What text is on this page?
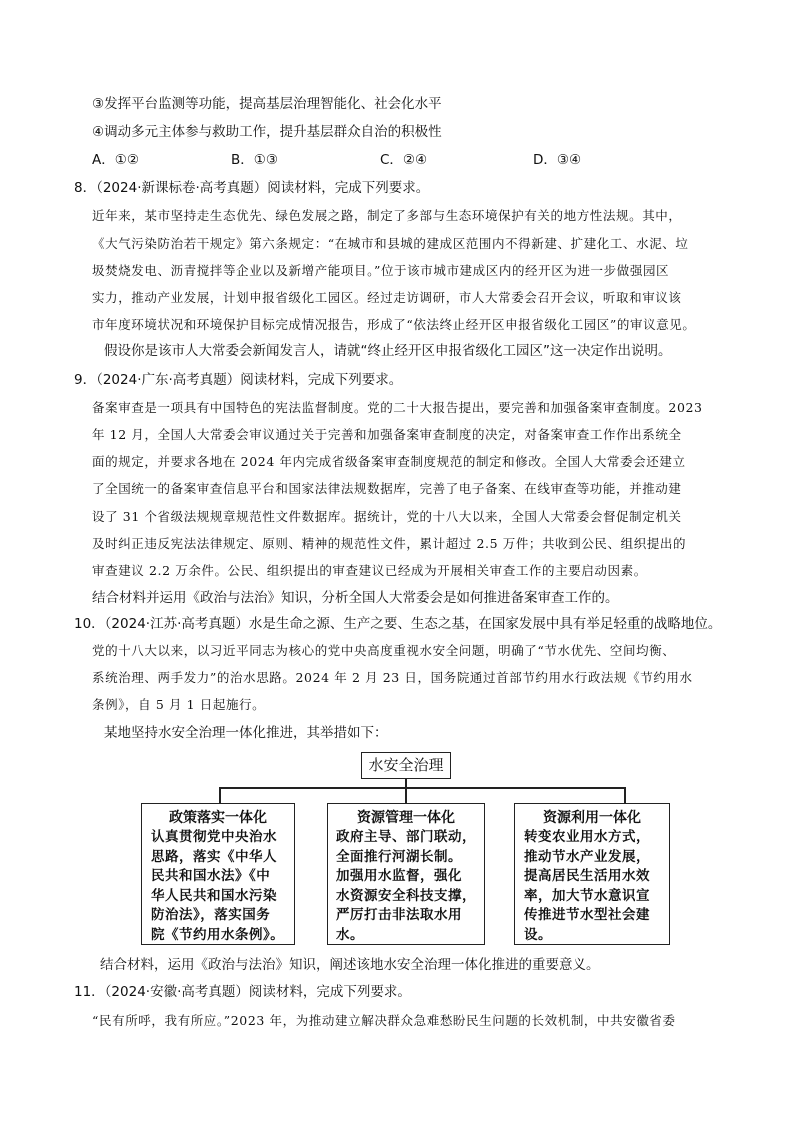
③发挥平台监测等功能，提高基层治理智能化、社会化水平
④调动多元主体参与救助工作，提升基层群众自治的积极性
A．①②	B．①③	C．②④	D．③④
8．（2024·新课标卷·高考真题）阅读材料，完成下列要求。
近年来，某市坚持走生态优先、绿色发展之路，制定了多部与生态环境保护有关的地方性法规。其中，
《大气污染防治若干规定》第六条规定：“在城市和县城的建成区范围内不得新建、扩建化工、水泥、垃
圾焚烧发电、沥青搅拌等企业以及新增产能项目。”位于该市城市建成区内的经开区为进一步做强园区
实力，推动产业发展，计划申报省级化工园区。经过走访调研，市人大常委会召开会议，听取和审议该
市年度环境状况和环境保护目标完成情况报告，形成了“依法终止经开区申报省级化工园区”的审议意见。
假设你是该市人大常委会新闻发言人，请就“终止经开区申报省级化工园区”这一决定作出说明。
9．（2024·广东·高考真题）阅读材料，完成下列要求。
备案审查是一项具有中国特色的宪法监督制度。党的二十大报告提出，要完善和加强备案审查制度。2023
年 12 月，全国人大常委会审议通过关于完善和加强备案审查制度的决定，对备案审查工作作出系统全
面的规定，并要求各地在 2024 年内完成省级备案审查制度规范的制定和修改。全国人大常委会还建立
了全国统一的备案审查信息平台和国家法律法规数据库，完善了电子备案、在线审查等功能，并推动建
设了 31 个省级法规规章规范性文件数据库。据统计，党的十八大以来，全国人大常委会督促制定机关
及时纠正违反宪法法律规定、原则、精神的规范性文件，累计超过 2.5 万件；共收到公民、组织提出的
审查建议 2.2 万余件。公民、组织提出的审查建议已经成为开展相关审查工作的主要启动因素。
结合材料并运用《政治与法治》知识，分析全国人大常委会是如何推进备案审查工作的。
10．（2024·江苏·高考真题）水是生命之源、生产之要、生态之基，在国家发展中具有举足轻重的战略地位。
党的十八大以来，以习近平同志为核心的党中央高度重视水安全问题，明确了“节水优先、空间均衡、
系统治理、两手发力”的治水思路。2024 年 2 月 23 日，国务院通过首部节约用水行政法规《节约用水
条例》，自 5 月 1 日起施行。
某地坚持水安全治理一体化推进，其举措如下：
水安全治理
政策落实一体化
认真贯彻党中央治水
思路，落实《中华人
民共和国水法》《中
华人民共和国水污染
防治法》，落实国务
院《节约用水条例》。
资源管理一体化
政府主导、部门联动，
全面推行河湖长制。
加强用水监督，强化
水资源安全科技支撑，
严厉打击非法取水用
水。
资源利用一体化
转变农业用水方式，
推动节水产业发展，
提高居民生活用水效
率，加大节水意识宣
传推进节水型社会建
设。
结合材料，运用《政治与法治》知识，阐述该地水安全治理一体化推进的重要意义。
11．（2024·安徽·高考真题）阅读材料，完成下列要求。
“民有所呼，我有所应。”2023 年，为推动建立解决群众急难愁盼民生问题的长效机制，中共安徽省委
